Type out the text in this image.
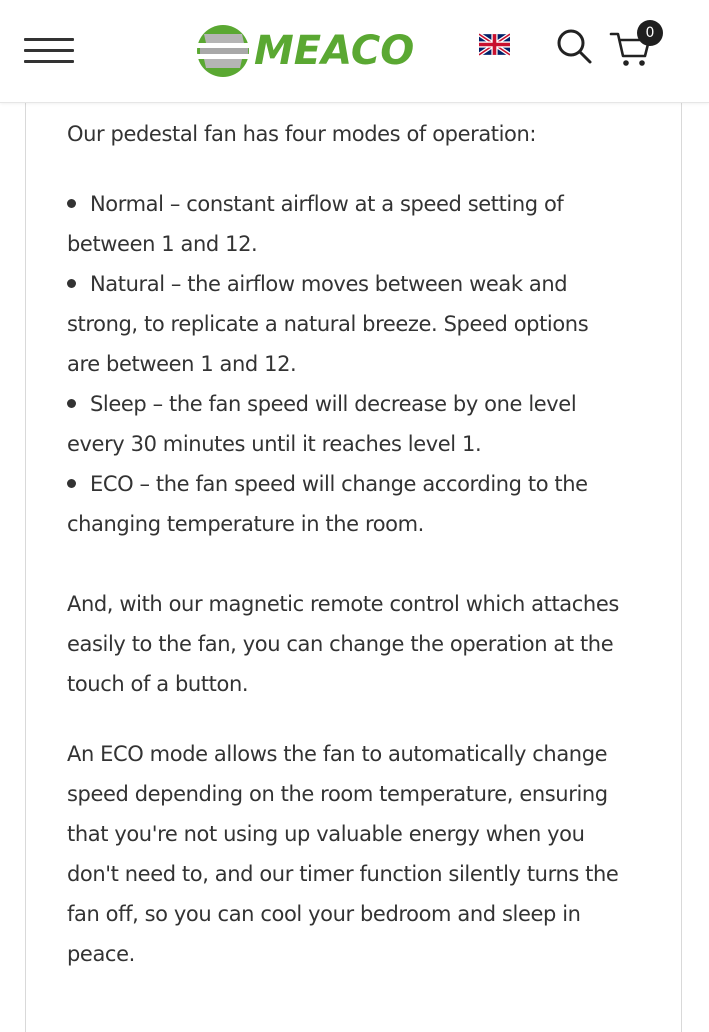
MEACO	0

Our pedestal fan has four modes of operation:

Normal – constant airflow at a speed setting of between 1 and 12.
Natural – the airflow moves between weak and strong, to replicate a natural breeze. Speed options are between 1 and 12.
Sleep – the fan speed will decrease by one level every 30 minutes until it reaches level 1.
ECO – the fan speed will change according to the changing temperature in the room.

And, with our magnetic remote control which attaches easily to the fan, you can change the operation at the touch of a button.

An ECO mode allows the fan to automatically change speed depending on the room temperature, ensuring that you're not using up valuable energy when you don't need to, and our timer function silently turns the fan off, so you can cool your bedroom and sleep in peace.
